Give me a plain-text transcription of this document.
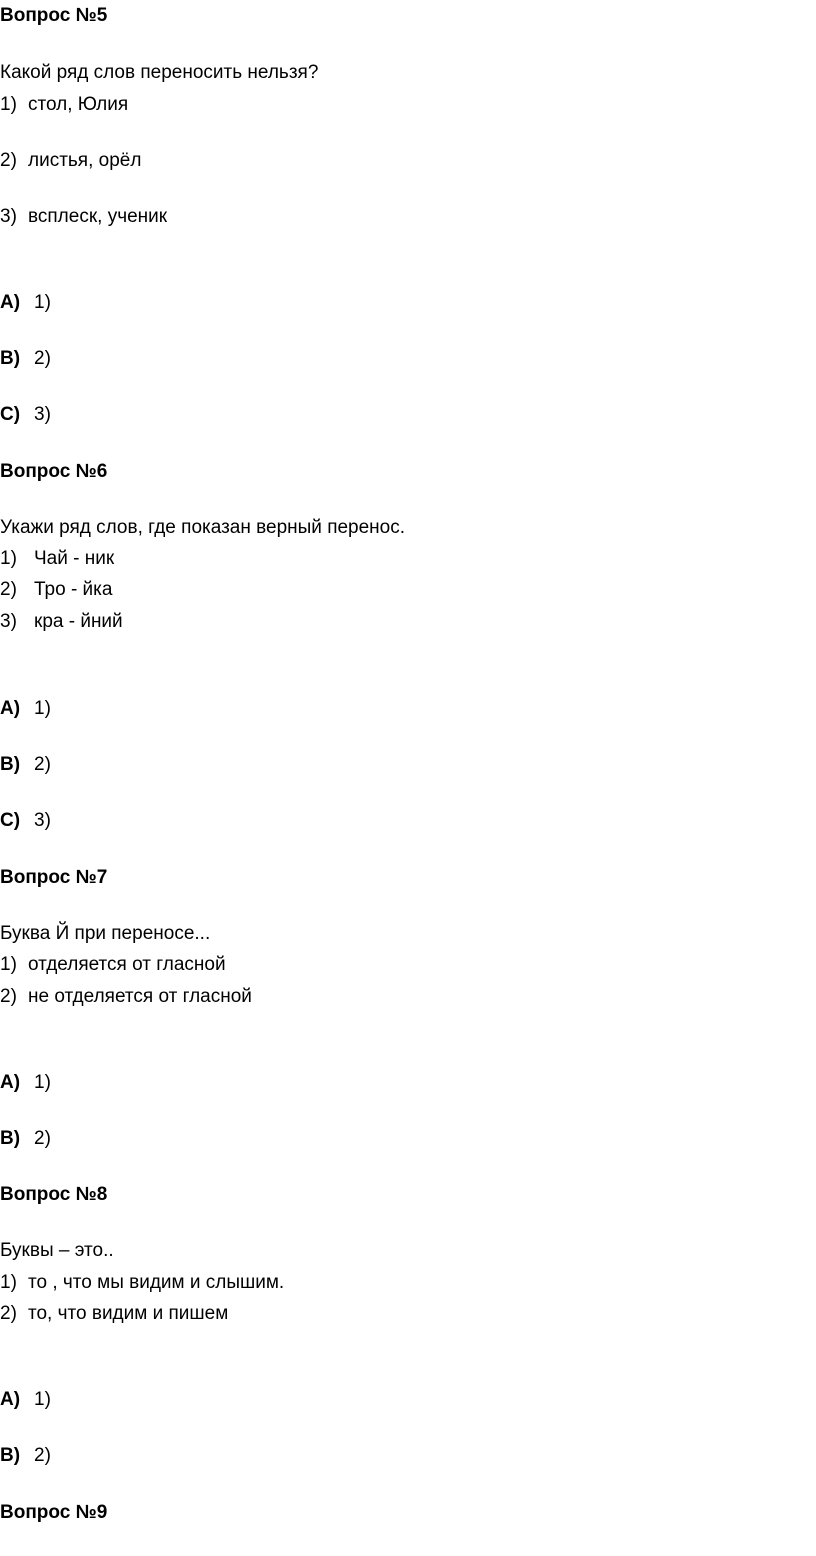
Вопрос №5
Какой ряд слов переносить нельзя?
1) стол, Юлия
2) листья, орёл
3) всплеск, ученик
A) 1)
B) 2)
C) 3)
Вопрос №6
Укажи ряд слов, где показан верный перенос.
1) Чай - ник
2) Тро - йка
3) кра - йний
A) 1)
B) 2)
C) 3)
Вопрос №7
Буква Й при переносе...
1) отделяется от гласной
2) не отделяется от гласной
A) 1)
B) 2)
Вопрос №8
Буквы – это..
1) то , что мы видим и слышим.
2) то, что видим и пишем
A) 1)
B) 2)
Вопрос №9
